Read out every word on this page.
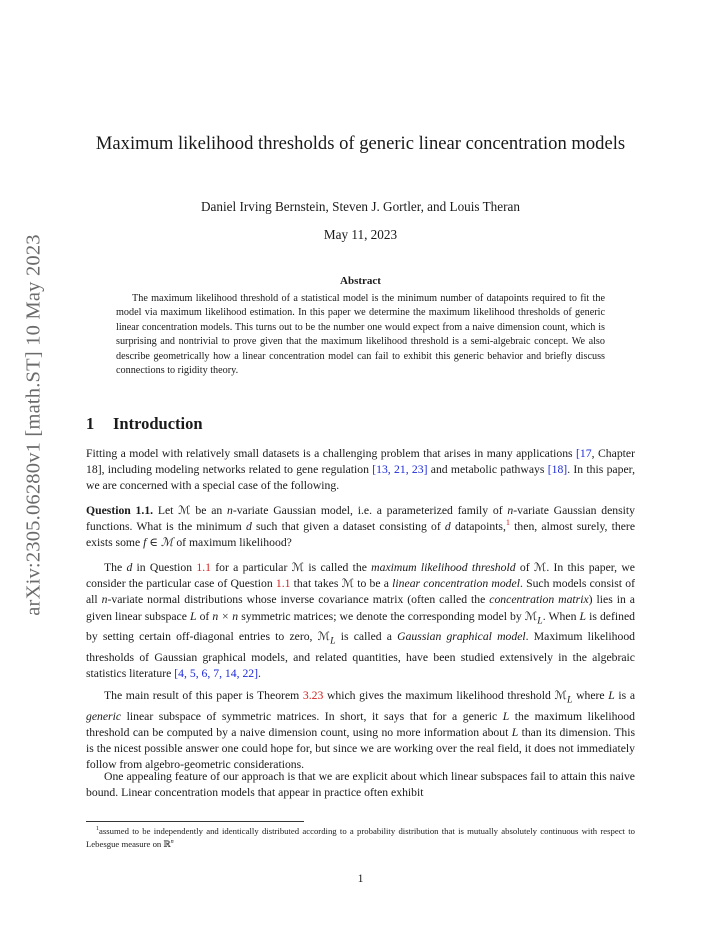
arXiv:2305.06280v1 [math.ST] 10 May 2023
Maximum likelihood thresholds of generic linear concentration models

Daniel Irving Bernstein, Steven J. Gortler, and Louis Theran

May 11, 2023

Abstract

The maximum likelihood threshold of a statistical model is the minimum number of datapoints required to fit the model via maximum likelihood estimation. In this paper we determine the maximum likelihood thresholds of generic linear concentration models. This turns out to be the number one would expect from a naive dimension count, which is surprising and nontrivial to prove given that the maximum likelihood threshold is a semi-algebraic concept. We also describe geometrically how a linear concentration model can fail to exhibit this generic behavior and briefly discuss connections to rigidity theory.

1 Introduction

Fitting a model with relatively small datasets is a challenging problem that arises in many applications [17, Chapter 18], including modeling networks related to gene regulation [13, 21, 23] and metabolic pathways [18]. In this paper, we are concerned with a special case of the following.

Question 1.1. Let ℳ be an n-variate Gaussian model, i.e. a parameterized family of n-variate Gaussian density functions. What is the minimum d such that given a dataset consisting of d datapoints,$^1$ then, almost surely, there exists some f ∈ ℳ of maximum likelihood?

The d in Question 1.1 for a particular ℳ is called the maximum likelihood threshold of ℳ. In this paper, we consider the particular case of Question 1.1 that takes ℳ to be a linear concentration model. Such models consist of all n-variate normal distributions whose inverse covariance matrix (often called the concentration matrix) lies in a given linear subspace L of n × n symmetric matrices; we denote the corresponding model by ℳ$_L$. When L is defined by setting certain off-diagonal entries to zero, ℳ$_L$ is called a Gaussian graphical model. Maximum likelihood thresholds of Gaussian graphical models, and related quantities, have been studied extensively in the algebraic statistics literature [4, 5, 6, 7, 14, 22].

The main result of this paper is Theorem 3.23 which gives the maximum likelihood threshold ℳ$_L$ where L is a generic linear subspace of symmetric matrices. In short, it says that for a generic L the maximum likelihood threshold can be computed by a naive dimension count, using no more information about L than its dimension. This is the nicest possible answer one could hope for, but since we are working over the real field, it does not immediately follow from algebro-geometric considerations.

One appealing feature of our approach is that we are explicit about which linear subspaces fail to attain this naive bound. Linear concentration models that appear in practice often exhibit

$^1$assumed to be independently and identically distributed according to a probability distribution that is mutually absolutely continuous with respect to Lebesgue measure on ℝ$^n$

1
